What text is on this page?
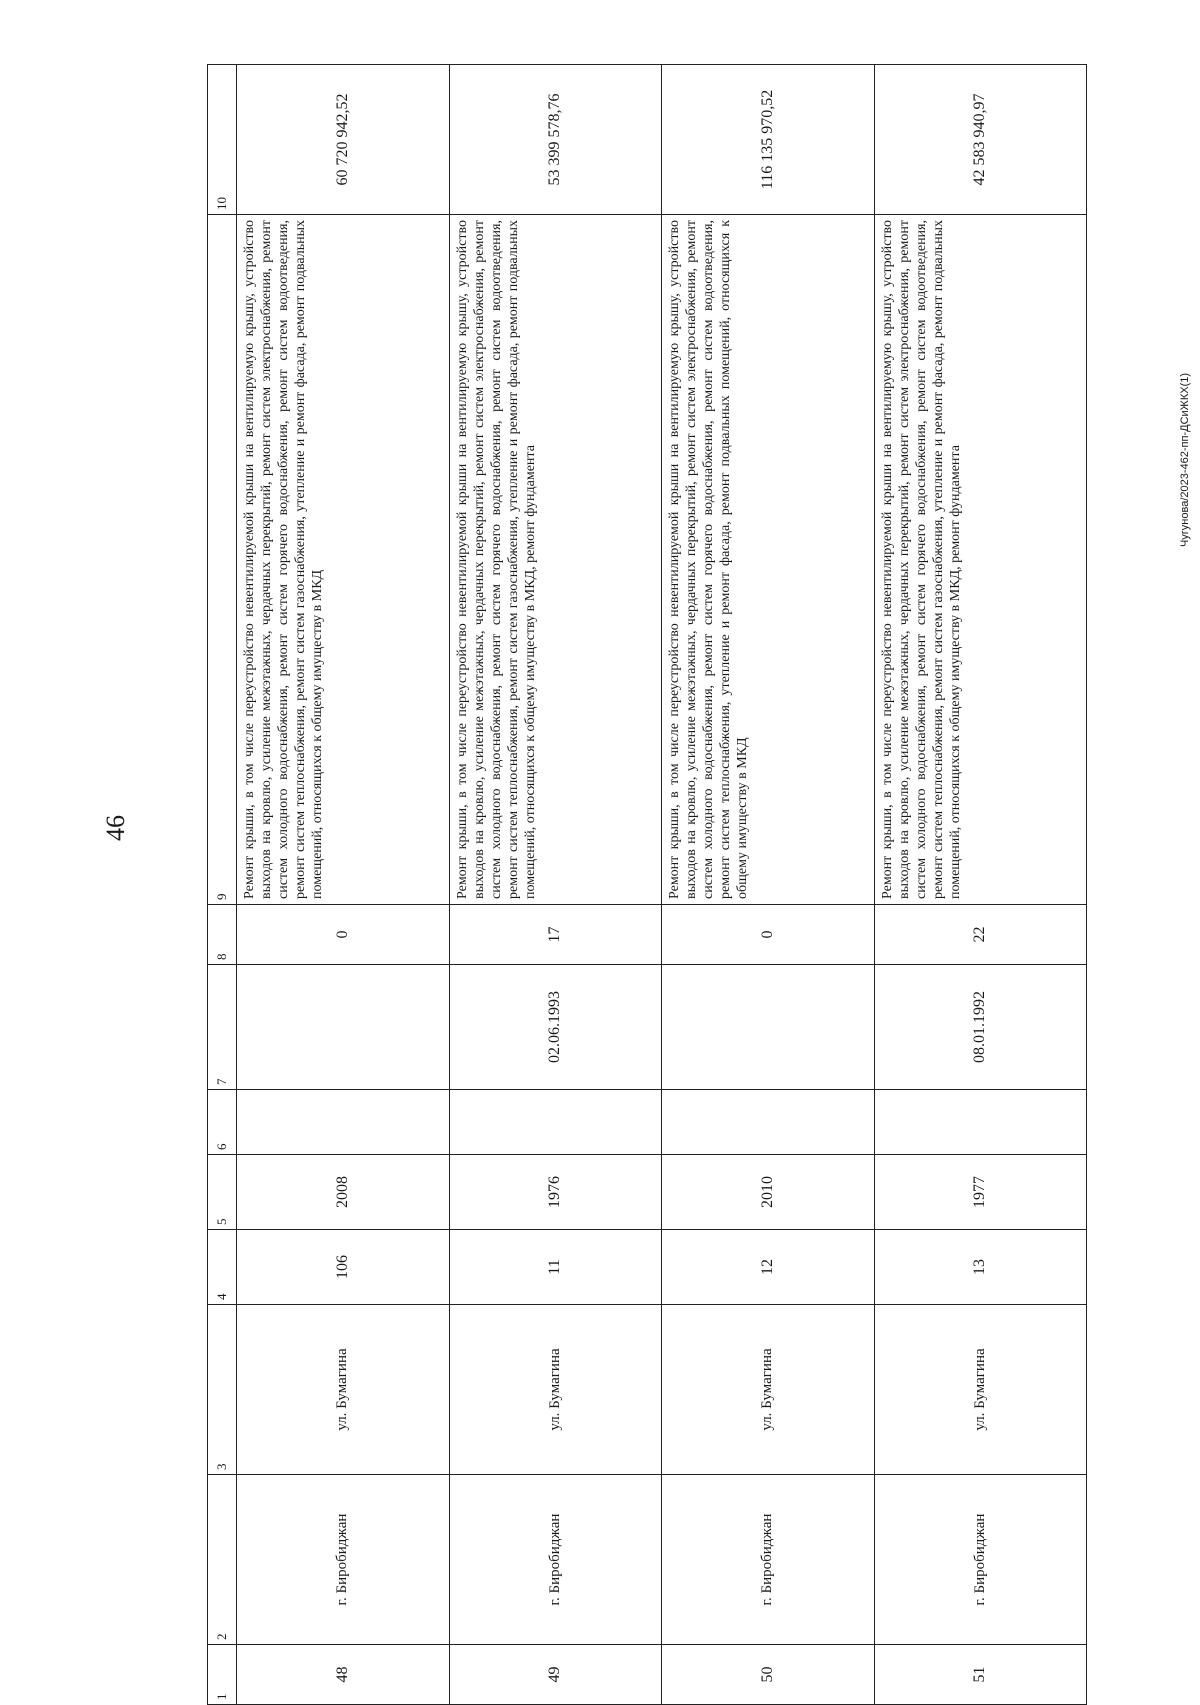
46
Чугунова/2023-462-пп-ДСиЖКХ(1)
1	2	3	4	5	6	7	8	9	10
48	г. Биробиджан	ул. Бумагина	106	2008			0	Ремонт крыши, в том числе переустройство невентилируемой крыши на вентилируемую крышу, устройство выходов на кровлю, усиление межэтажных, чердачных перекрытий, ремонт систем электроснабжения, ремонт систем холодного водоснабжения, ремонт систем горячего водоснабжения, ремонт систем водоотведения, ремонт систем теплоснабжения, ремонт систем газоснабжения, утепление и ремонт фасада, ремонт подвальных помещений, относящихся к общему имуществу в МКД	60 720 942,52
49	г. Биробиджан	ул. Бумагина	11	1976		02.06.1993	17	Ремонт крыши, в том числе переустройство невентилируемой крыши на вентилируемую крышу, устройство выходов на кровлю, усиление межэтажных, чердачных перекрытий, ремонт систем электроснабжения, ремонт систем холодного водоснабжения, ремонт систем горячего водоснабжения, ремонт систем водоотведения, ремонт систем теплоснабжения, ремонт систем газоснабжения, утепление и ремонт фасада, ремонт подвальных помещений, относящихся к общему имуществу в МКД, ремонт фундамента	53 399 578,76
50	г. Биробиджан	ул. Бумагина	12	2010			0	Ремонт крыши, в том числе переустройство невентилируемой крыши на вентилируемую крышу, устройство выходов на кровлю, усиление межэтажных, чердачных перекрытий, ремонт систем электроснабжения, ремонт систем холодного водоснабжения, ремонт систем горячего водоснабжения, ремонт систем водоотведения, ремонт систем теплоснабжения, утепление и ремонт фасада, ремонт подвальных помещений, относящихся к общему имуществу в МКД	116 135 970,52
51	г. Биробиджан	ул. Бумагина	13	1977		08.01.1992	22	Ремонт крыши, в том числе переустройство невентилируемой крыши на вентилируемую крышу, устройство выходов на кровлю, усиление межэтажных, чердачных перекрытий, ремонт систем электроснабжения, ремонт систем холодного водоснабжения, ремонт систем горячего водоснабжения, ремонт систем водоотведения, ремонт систем теплоснабжения, ремонт систем газоснабжения, утепление и ремонт фасада, ремонт подвальных помещений, относящихся к общему имуществу в МКД, ремонт фундамента	42 583 940,97
